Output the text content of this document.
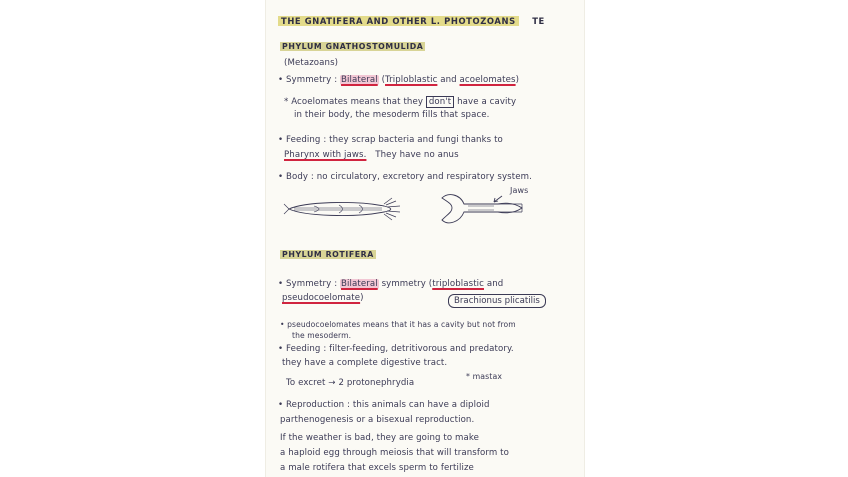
THE GNATIFERA AND OTHER L. PHOTOZOANS TE
PHYLUM GNATHOSTOMULIDA
(Metazoans)
• Symmetry : Bilateral (Triploblastic and acoelomates)
* Acoelomates means that they don't have a cavity
in their body, the mesoderm fills that space.
• Feeding : they scrap bacteria and fungi thanks to
Pharynx with jaws. They have no anus
• Body : no circulatory, excretory and respiratory system.
Jaws
PHYLUM ROTIFERA
• Symmetry : Bilateral symmetry (triploblastic and
pseudocoelomate)	Brachionus plicatilis
• pseudocoelomates means that it has a cavity but not from
the mesoderm.
• Feeding : filter-feeding, detritivorous and predatory.
they have a complete digestive tract.
* mastax
To excret → 2 protonephrydia
• Reproduction : this animals can have a diploid
parthenogenesis or a bisexual reproduction.
If the weather is bad, they are going to make
a haploid egg through meiosis that will transform to
a male rotifera that excels sperm to fertilize
